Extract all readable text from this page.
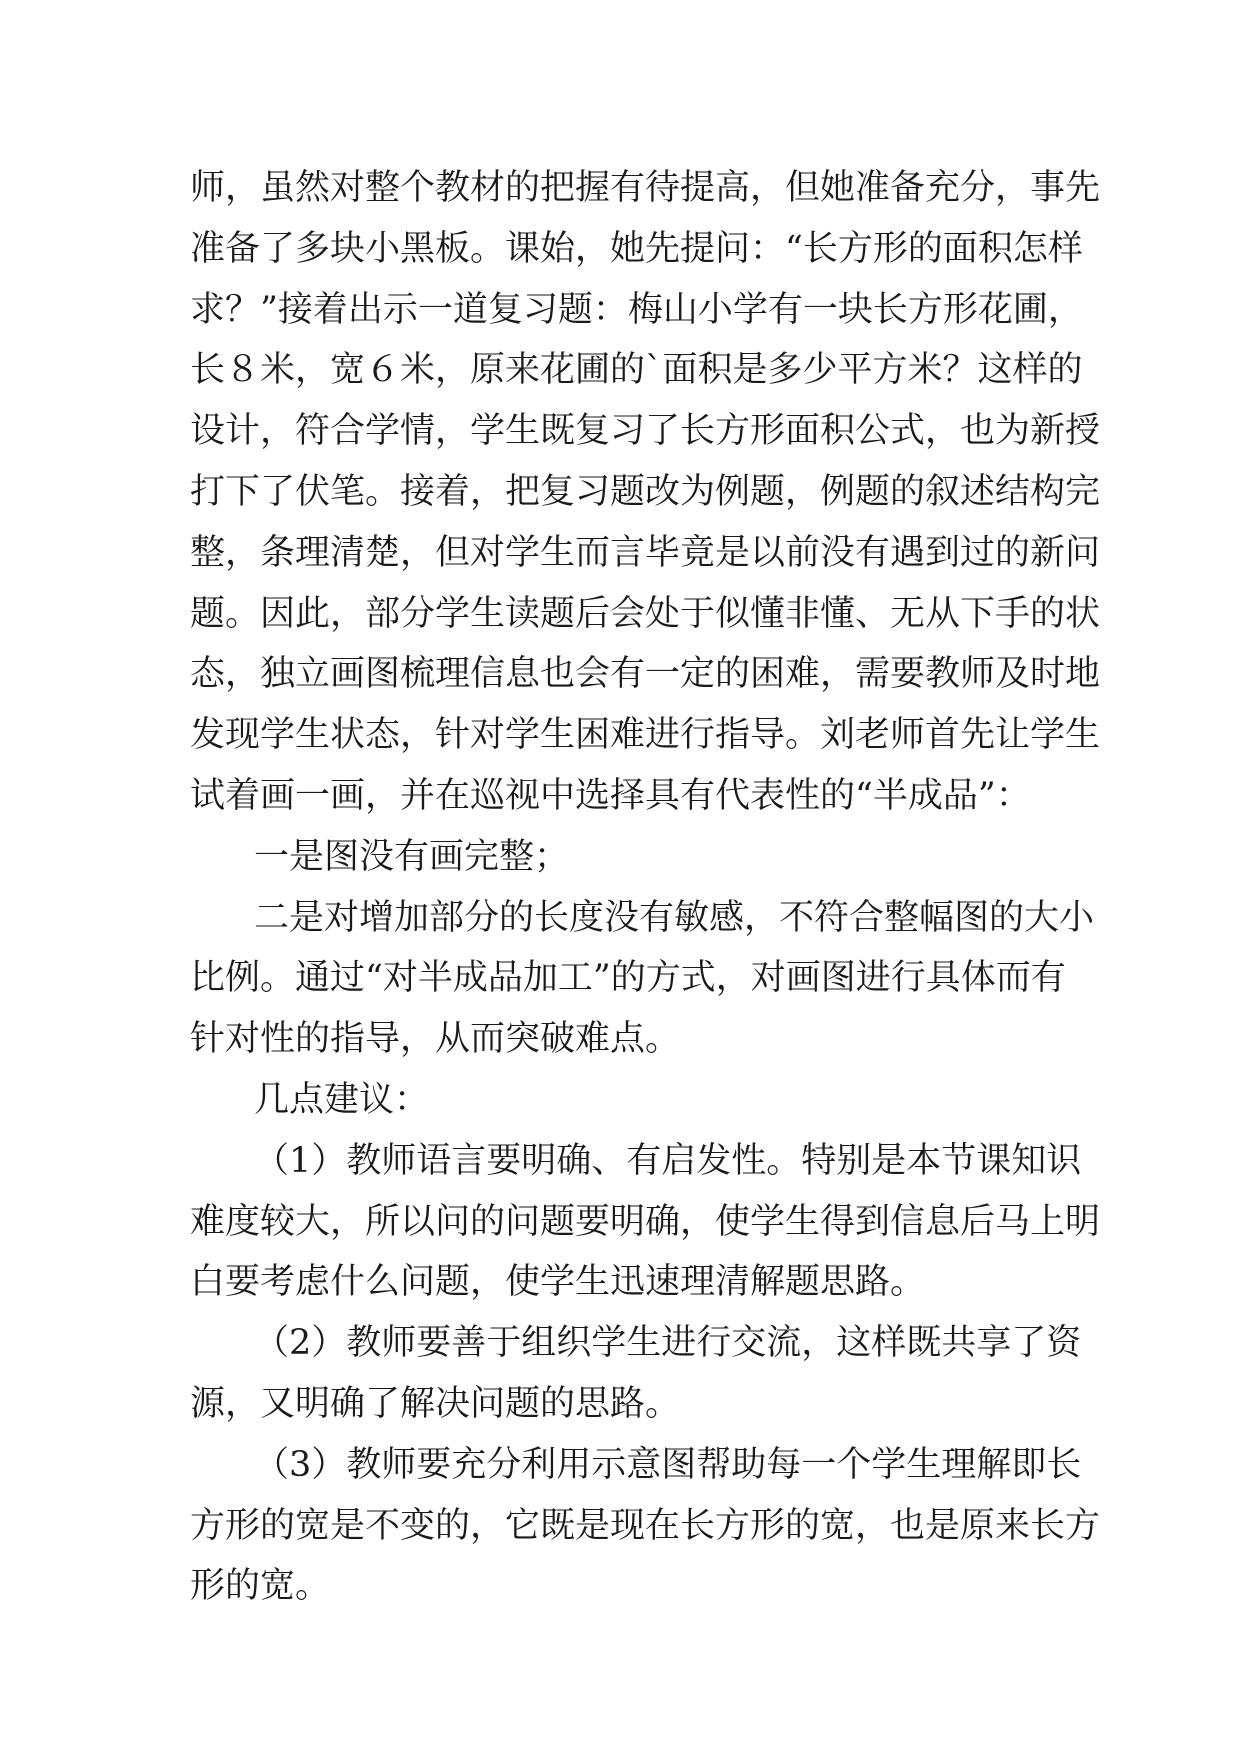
师，虽然对整个教材的把握有待提高，但她准备充分，事先
准备了多块小黑板。课始，她先提问：“长方形的面积怎样
求？”接着出示一道复习题：梅山小学有一块长方形花圃，
长８米，宽６米，原来花圃的`面积是多少平方米？这样的
设计，符合学情，学生既复习了长方形面积公式，也为新授
打下了伏笔。接着，把复习题改为例题，例题的叙述结构完
整，条理清楚，但对学生而言毕竟是以前没有遇到过的新问
题。因此，部分学生读题后会处于似懂非懂、无从下手的状
态，独立画图梳理信息也会有一定的困难，需要教师及时地
发现学生状态，针对学生困难进行指导。刘老师首先让学生
试着画一画，并在巡视中选择具有代表性的“半成品”：
一是图没有画完整；
二是对增加部分的长度没有敏感，不符合整幅图的大小
比例。通过“对半成品加工”的方式，对画图进行具体而有
针对性的指导，从而突破难点。
几点建议：
（1）教师语言要明确、有启发性。特别是本节课知识
难度较大，所以问的问题要明确，使学生得到信息后马上明
白要考虑什么问题，使学生迅速理清解题思路。
（2）教师要善于组织学生进行交流，这样既共享了资
源，又明确了解决问题的思路。
（3）教师要充分利用示意图帮助每一个学生理解即长
方形的宽是不变的，它既是现在长方形的宽，也是原来长方
形的宽。
